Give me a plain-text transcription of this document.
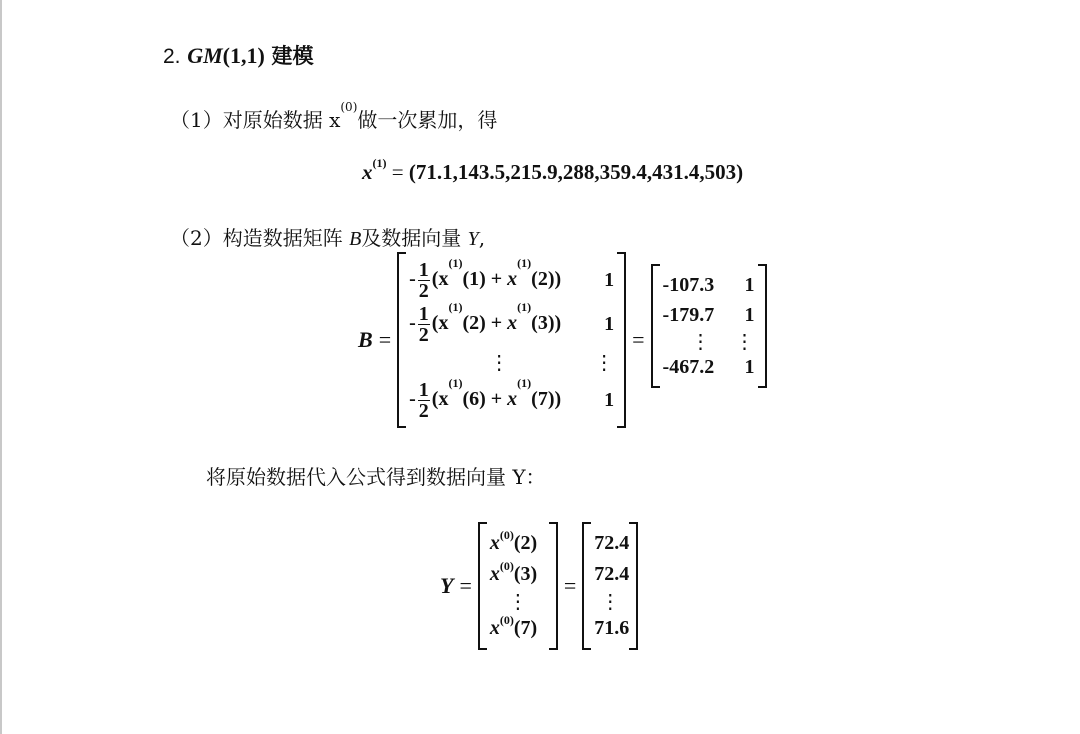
2. GM(1,1) 建模
（1）对原始数据 $x^{(0)}$做一次累加，得
$x^{(1)} = (71.1,143.5,215.9,288,359.4,431.4,503)$
（2）构造数据矩阵 B及数据向量 Y,
B =
- $\frac{1}{2} (x^{(1)}(1) + x^{(1)}(2))$ 1
- $\frac{1}{2} (x^{(1)}(2) + x^{(1)}(3))$ 1
⋮	⋮
- $\frac{1}{2} (x^{(1)}(6) + x^{(1)}(7))$ 1
=
-107.3 1
-179.7 1
⋮ ⋮
-467.2 1
将原始数据代入公式得到数据向量 Y：
Y =
$x^{(0)}(2)$
$x^{(0)}(3)$
⋮
$x^{(0)}(7)$
=
72.4
72.4
⋮
71.6
